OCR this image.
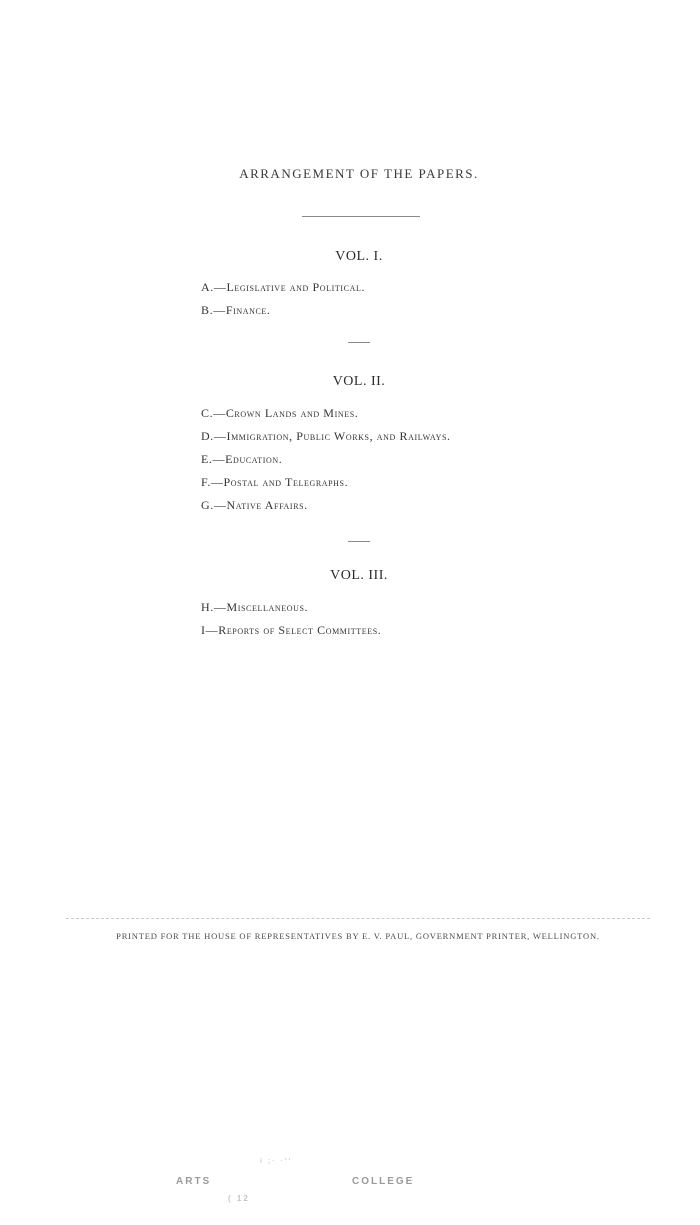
ARRANGEMENT OF THE PAPERS.
VOL. I.
A.—Legislative and Political.
B.—Finance.
VOL. II.
C.—Crown Lands and Mines.
D.—Immigration, Public Works, and Railways.
E.—Education.
F.—Postal and Telegraphs.
G.—Native Affairs.
VOL. III.
H.—Miscellaneous.
I—Reports of Select Committees.
PRINTED FOR THE HOUSE OF REPRESENTATIVES BY E. V. PAUL, GOVERNMENT PRINTER, WELLINGTON.
i ;· ·''
ARTS
( 12
COLLEGE
